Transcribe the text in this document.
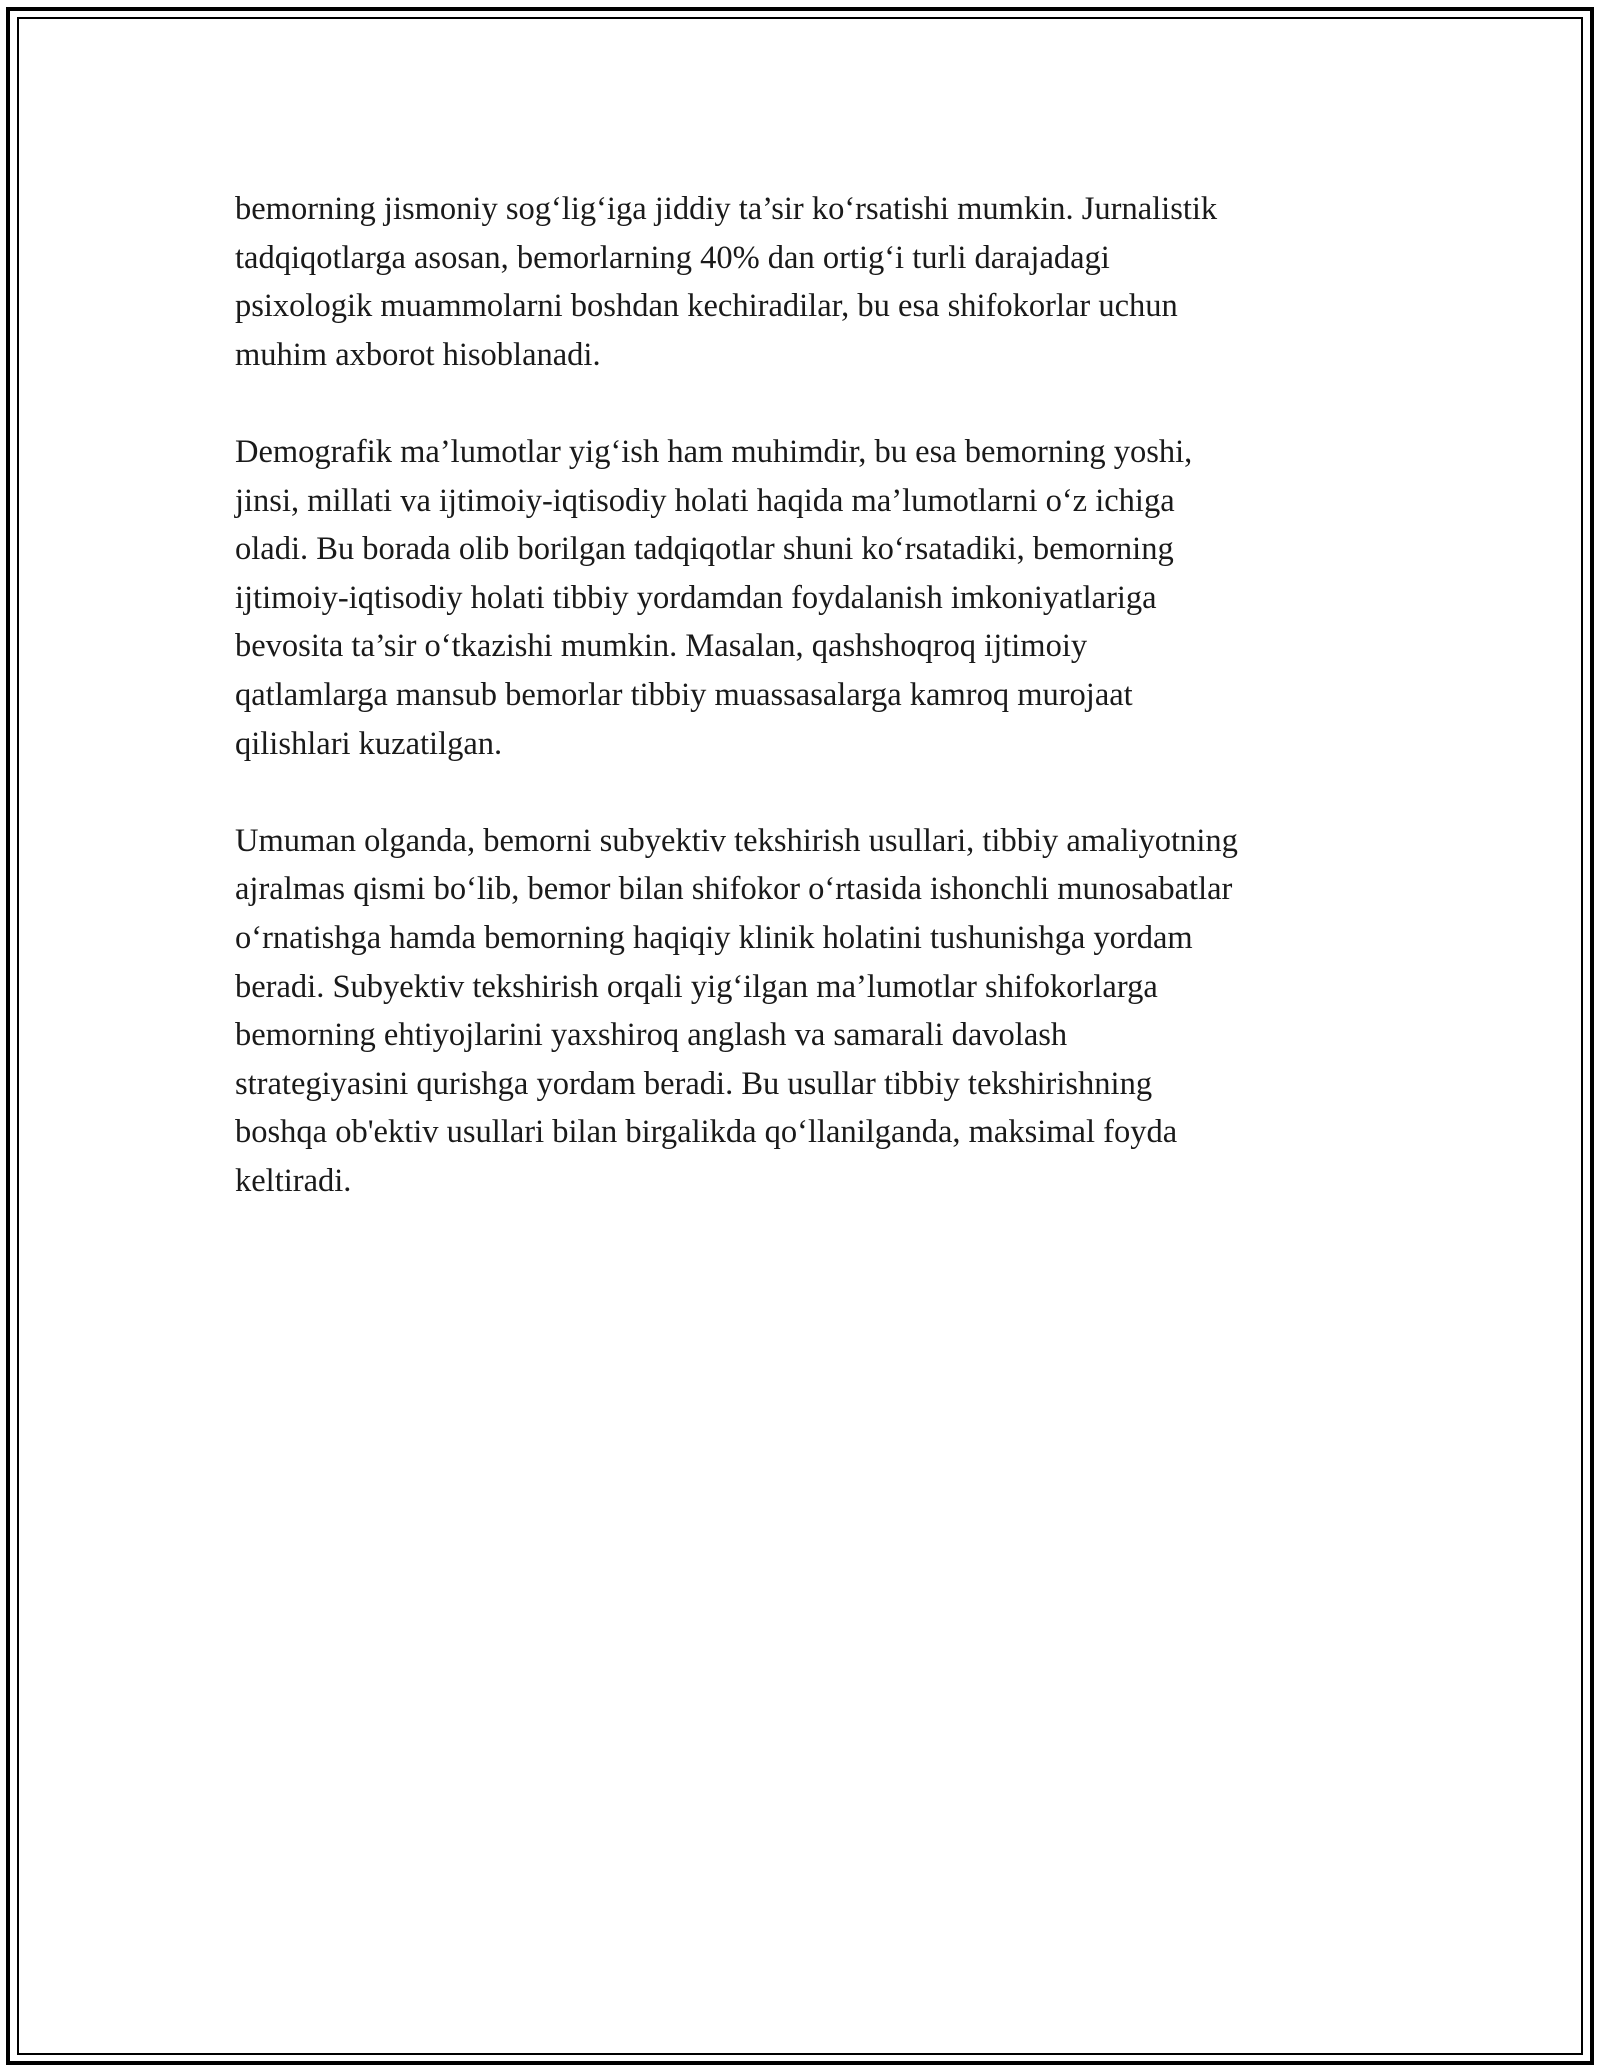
bemorning jismoniy sog‘lig‘iga jiddiy ta’sir ko‘rsatishi mumkin. Jurnalistik
tadqiqotlarga asosan, bemorlarning 40% dan ortig‘i turli darajadagi
psixologik muammolarni boshdan kechiradilar, bu esa shifokorlar uchun
muhim axborot hisoblanadi.

Demografik ma’lumotlar yig‘ish ham muhimdir, bu esa bemorning yoshi,
jinsi, millati va ijtimoiy-iqtisodiy holati haqida ma’lumotlarni o‘z ichiga
oladi. Bu borada olib borilgan tadqiqotlar shuni ko‘rsatadiki, bemorning
ijtimoiy-iqtisodiy holati tibbiy yordamdan foydalanish imkoniyatlariga
bevosita ta’sir o‘tkazishi mumkin. Masalan, qashshoqroq ijtimoiy
qatlamlarga mansub bemorlar tibbiy muassasalarga kamroq murojaat
qilishlari kuzatilgan.

Umuman olganda, bemorni subyektiv tekshirish usullari, tibbiy amaliyotning
ajralmas qismi bo‘lib, bemor bilan shifokor o‘rtasida ishonchli munosabatlar
o‘rnatishga hamda bemorning haqiqiy klinik holatini tushunishga yordam
beradi. Subyektiv tekshirish orqali yig‘ilgan ma’lumotlar shifokorlarga
bemorning ehtiyojlarini yaxshiroq anglash va samarali davolash
strategiyasini qurishga yordam beradi. Bu usullar tibbiy tekshirishning
boshqa ob'ektiv usullari bilan birgalikda qo‘llanilganda, maksimal foyda
keltiradi.
